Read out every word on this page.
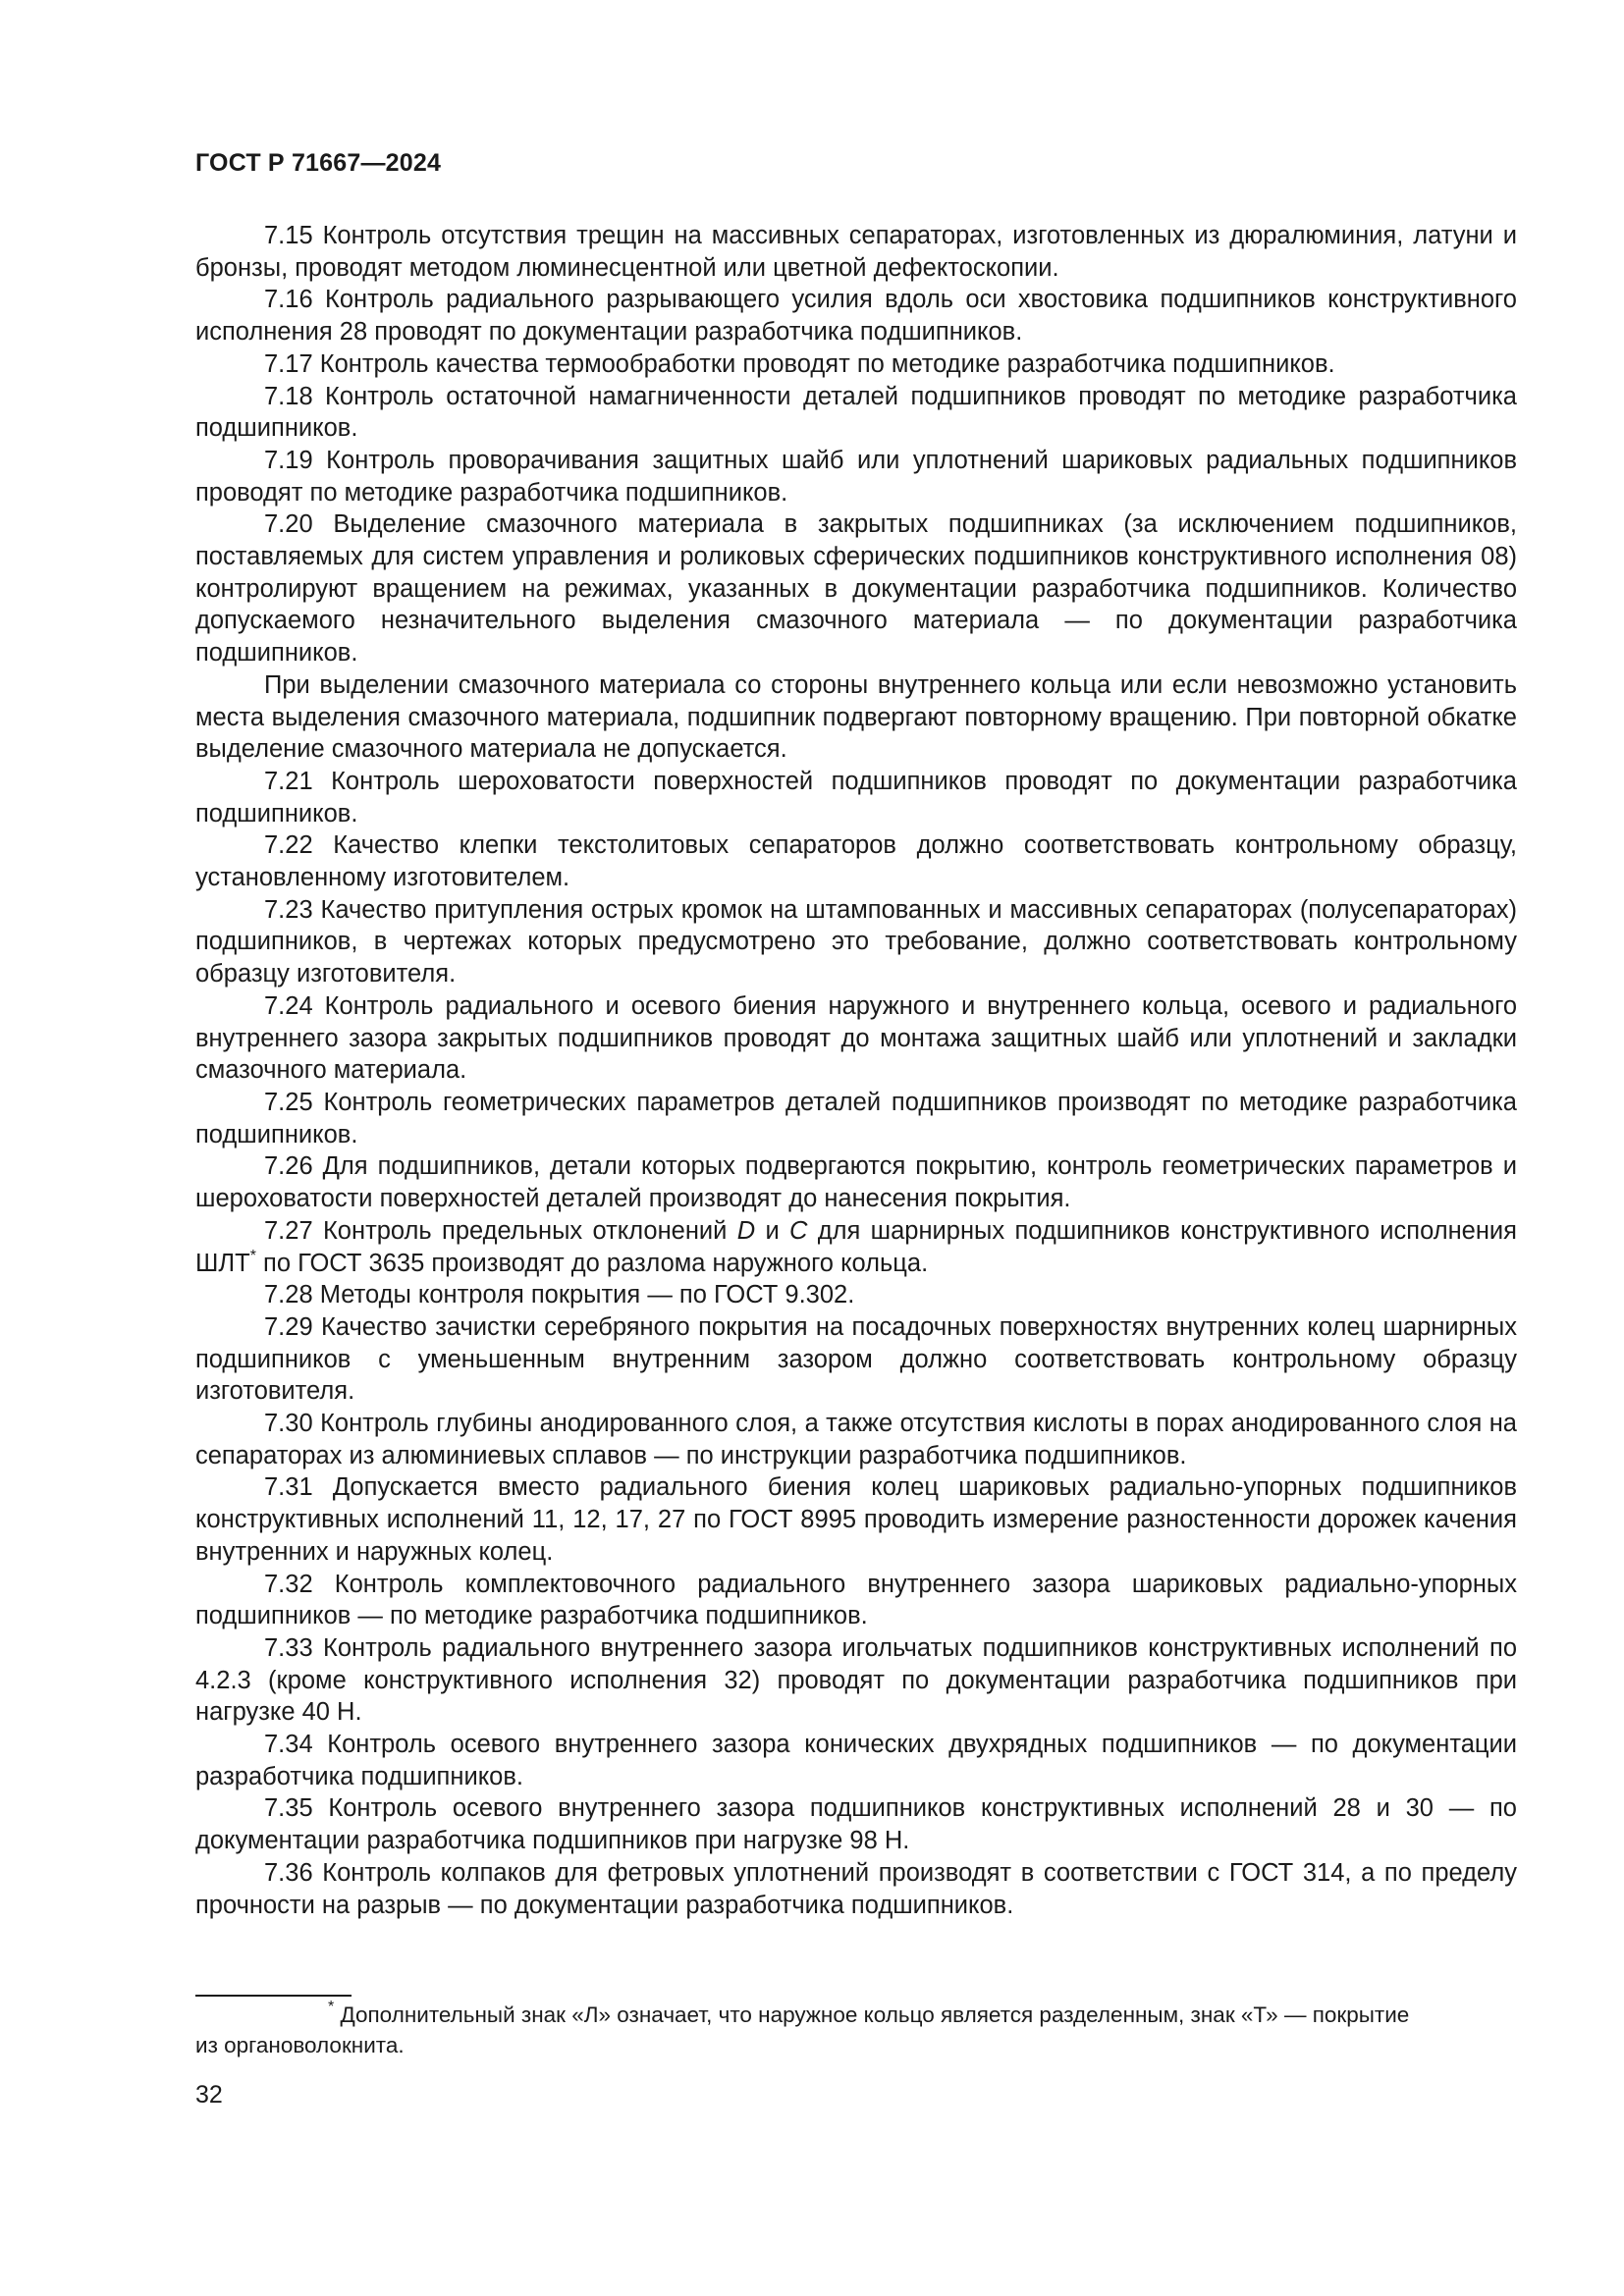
ГОСТ Р 71667—2024

7.15 Контроль отсутствия трещин на массивных сепараторах, изготовленных из дюралюминия, латуни и бронзы, проводят методом люминесцентной или цветной дефектоскопии.

7.16 Контроль радиального разрывающего усилия вдоль оси хвостовика подшипников конструктивного исполнения 28 проводят по документации разработчика подшипников.

7.17 Контроль качества термообработки проводят по методике разработчика подшипников.

7.18 Контроль остаточной намагниченности деталей подшипников проводят по методике разработчика подшипников.

7.19 Контроль проворачивания защитных шайб или уплотнений шариковых радиальных подшипников проводят по методике разработчика подшипников.

7.20 Выделение смазочного материала в закрытых подшипниках (за исключением подшипников, поставляемых для систем управления и роликовых сферических подшипников конструктивного исполнения 08) контролируют вращением на режимах, указанных в документации разработчика подшипников. Количество допускаемого незначительного выделения смазочного материала — по документации разработчика подшипников.

При выделении смазочного материала со стороны внутреннего кольца или если невозможно установить места выделения смазочного материала, подшипник подвергают повторному вращению. При повторной обкатке выделение смазочного материала не допускается.

7.21 Контроль шероховатости поверхностей подшипников проводят по документации разработчика подшипников.

7.22 Качество клепки текстолитовых сепараторов должно соответствовать контрольному образцу, установленному изготовителем.

7.23 Качество притупления острых кромок на штампованных и массивных сепараторах (полусепараторах) подшипников, в чертежах которых предусмотрено это требование, должно соответствовать контрольному образцу изготовителя.

7.24 Контроль радиального и осевого биения наружного и внутреннего кольца, осевого и радиального внутреннего зазора закрытых подшипников проводят до монтажа защитных шайб или уплотнений и закладки смазочного материала.

7.25 Контроль геометрических параметров деталей подшипников производят по методике разработчика подшипников.

7.26 Для подшипников, детали которых подвергаются покрытию, контроль геометрических параметров и шероховатости поверхностей деталей производят до нанесения покрытия.

7.27 Контроль предельных отклонений D и C для шарнирных подшипников конструктивного исполнения ШЛТ* по ГОСТ 3635 производят до разлома наружного кольца.

7.28 Методы контроля покрытия — по ГОСТ 9.302.

7.29 Качество зачистки серебряного покрытия на посадочных поверхностях внутренних колец шарнирных подшипников с уменьшенным внутренним зазором должно соответствовать контрольному образцу изготовителя.

7.30 Контроль глубины анодированного слоя, а также отсутствия кислоты в порах анодированного слоя на сепараторах из алюминиевых сплавов — по инструкции разработчика подшипников.

7.31 Допускается вместо радиального биения колец шариковых радиально-упорных подшипников конструктивных исполнений 11, 12, 17, 27 по ГОСТ 8995 проводить измерение разностенности дорожек качения внутренних и наружных колец.

7.32 Контроль комплектовочного радиального внутреннего зазора шариковых радиально-упорных подшипников — по методике разработчика подшипников.

7.33 Контроль радиального внутреннего зазора игольчатых подшипников конструктивных исполнений по 4.2.3 (кроме конструктивного исполнения 32) проводят по документации разработчика подшипников при нагрузке 40 Н.

7.34 Контроль осевого внутреннего зазора конических двухрядных подшипников — по документации разработчика подшипников.

7.35 Контроль осевого внутреннего зазора подшипников конструктивных исполнений 28 и 30 — по документации разработчика подшипников при нагрузке 98 Н.

7.36 Контроль колпаков для фетровых уплотнений производят в соответствии с ГОСТ 314, а по пределу прочности на разрыв — по документации разработчика подшипников.

* Дополнительный знак «Л» означает, что наружное кольцо является разделенным, знак «Т» — покрытие
из органоволокнита.
32
